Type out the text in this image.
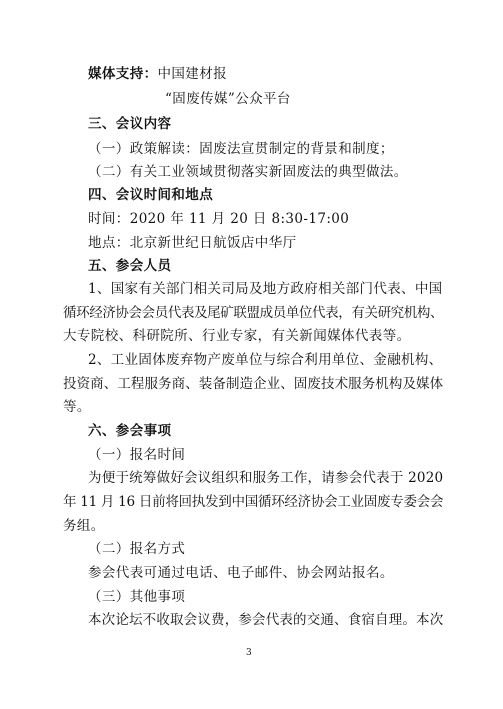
媒体支持：中国建材报
“固废传媒”公众平台
三、会议内容
（一）政策解读：固废法宣贯制定的背景和制度；
（二）有关工业领域贯彻落实新固废法的典型做法。
四、会议时间和地点
时间：2020 年 11 月 20 日 8:30-17:00
地点：北京新世纪日航饭店中华厅
五、参会人员
1、国家有关部门相关司局及地方政府相关部门代表、中国
循环经济协会会员代表及尾矿联盟成员单位代表，有关研究机构、
大专院校、科研院所、行业专家，有关新闻媒体代表等。
2、工业固体废弃物产废单位与综合利用单位、金融机构、
投资商、工程服务商、装备制造企业、固废技术服务机构及媒体
等。
六、参会事项
（一）报名时间
为便于统筹做好会议组织和服务工作，请参会代表于 2020
年 11 月 16 日前将回执发到中国循环经济协会工业固废专委会会
务组。
（二）报名方式
参会代表可通过电话、电子邮件、协会网站报名。
（三）其他事项
本次论坛不收取会议费，参会代表的交通、食宿自理。本次
3
